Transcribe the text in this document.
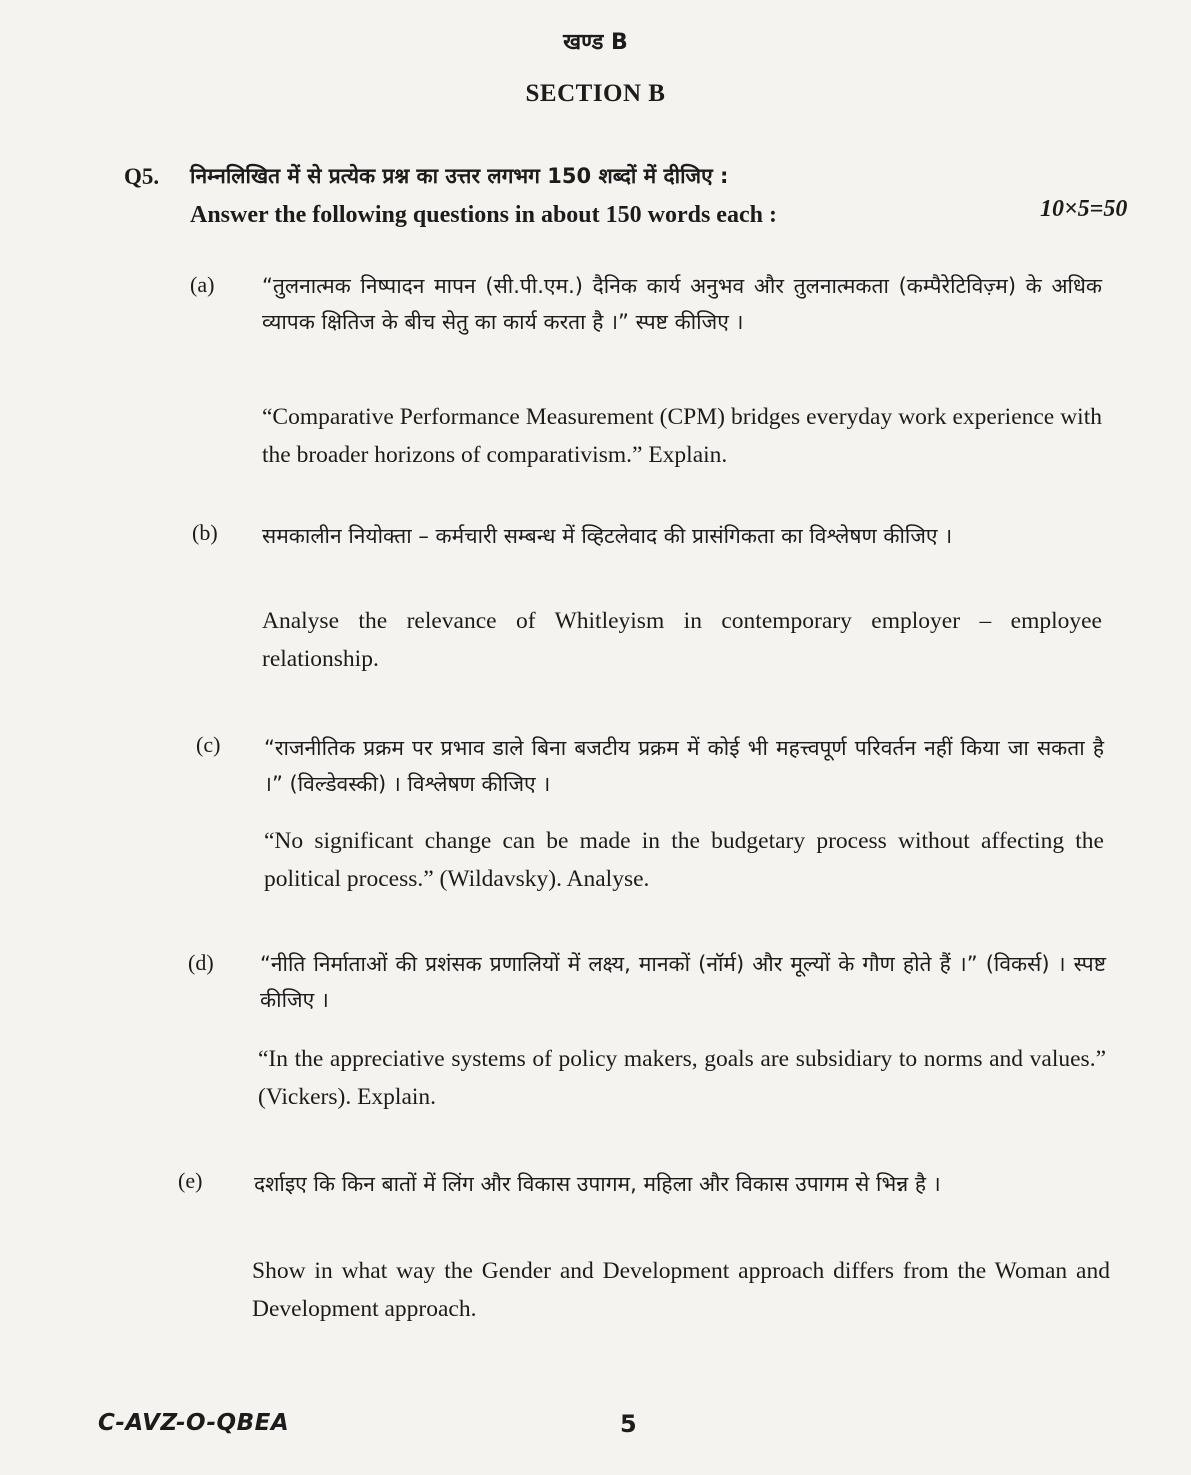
खण्ड B
SECTION B
Q5. निम्नलिखित में से प्रत्येक प्रश्न का उत्तर लगभग 150 शब्दों में दीजिए :
Answer the following questions in about 150 words each :	10×5=50
(a) “तुलनात्मक निष्पादन मापन (सी.पी.एम.) दैनिक कार्य अनुभव और तुलनात्मकता (कम्पैरेटिविज़्म) के अधिक व्यापक क्षितिज के बीच सेतु का कार्य करता है ।” स्पष्ट कीजिए ।
“Comparative Performance Measurement (CPM) bridges everyday work experience with the broader horizons of comparativism.” Explain.
(b) समकालीन नियोक्ता – कर्मचारी सम्बन्ध में व्हिटलेवाद की प्रासंगिकता का विश्लेषण कीजिए ।
Analyse the relevance of Whitleyism in contemporary employer – employee relationship.
(c) “राजनीतिक प्रक्रम पर प्रभाव डाले बिना बजटीय प्रक्रम में कोई भी महत्त्वपूर्ण परिवर्तन नहीं किया जा सकता है ।” (विल्डेवस्की) । विश्लेषण कीजिए ।
“No significant change can be made in the budgetary process without affecting the political process.” (Wildavsky). Analyse.
(d) “नीति निर्माताओं की प्रशंसक प्रणालियों में लक्ष्य, मानकों (नॉर्म) और मूल्यों के गौण होते हैं ।” (विकर्स) । स्पष्ट कीजिए ।
“In the appreciative systems of policy makers, goals are subsidiary to norms and values.” (Vickers). Explain.
(e) दर्शाइए कि किन बातों में लिंग और विकास उपागम, महिला और विकास उपागम से भिन्न है ।
Show in what way the Gender and Development approach differs from the Woman and Development approach.
C-AVZ-O-QBEA	5
